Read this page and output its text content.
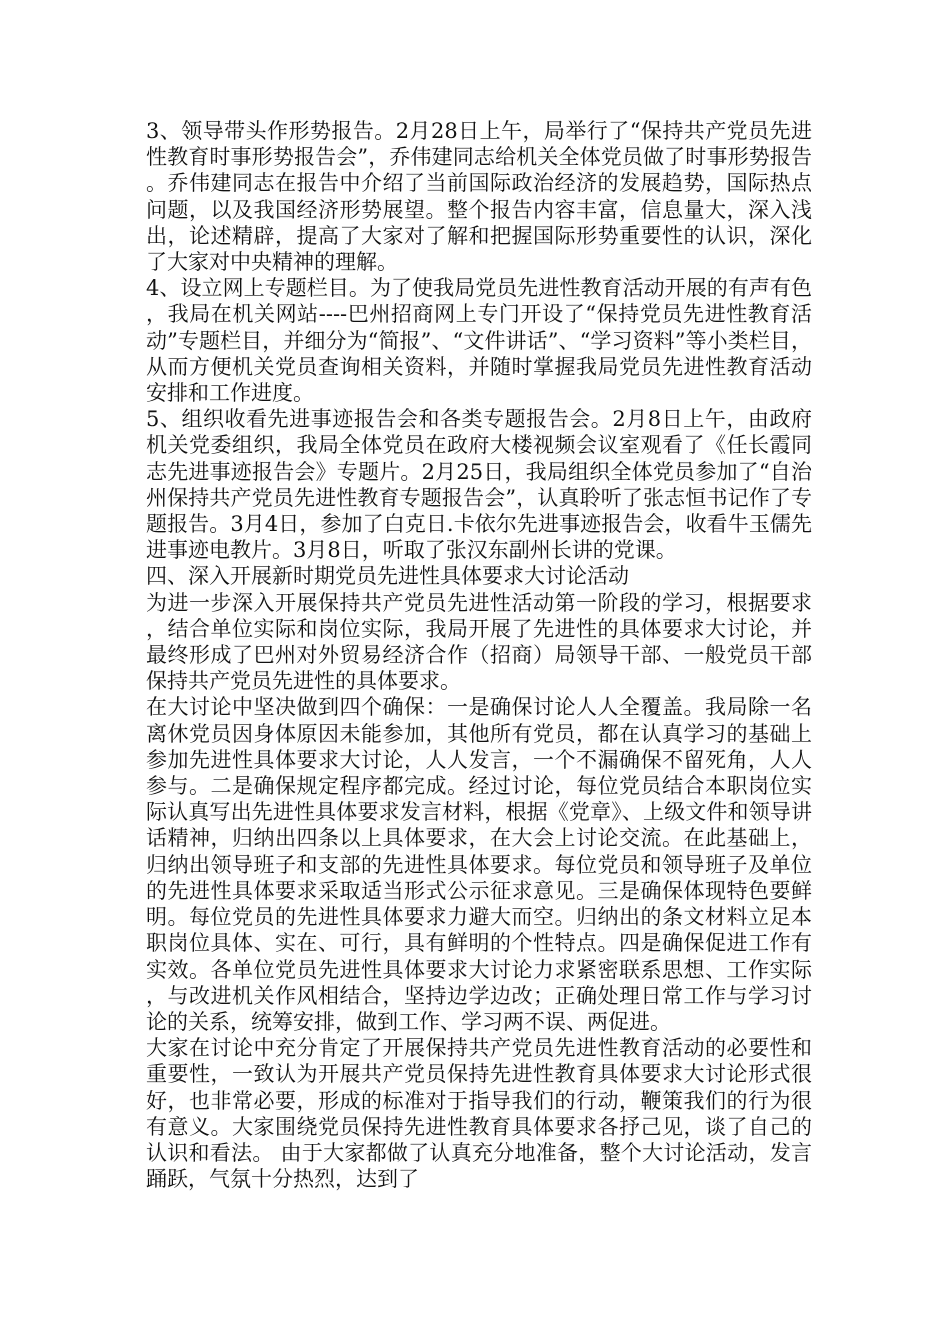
3、领导带头作形势报告。2月28日上午，局举行了“保持共产党员先进性教育时事形势报告会”，乔伟建同志给机关全体党员做了时事形势报告。乔伟建同志在报告中介绍了当前国际政治经济的发展趋势，国际热点问题，以及我国经济形势展望。整个报告内容丰富，信息量大，深入浅出，论述精辟，提高了大家对了解和把握国际形势重要性的认识，深化了大家对中央精神的理解。

4、设立网上专题栏目。为了使我局党员先进性教育活动开展的有声有色，我局在机关网站----巴州招商网上专门开设了“保持党员先进性教育活动”专题栏目，并细分为“简报”、“文件讲话”、“学习资料”等小类栏目，从而方便机关党员查询相关资料，并随时掌握我局党员先进性教育活动安排和工作进度。

5、组织收看先进事迹报告会和各类专题报告会。2月8日上午，由政府机关党委组织，我局全体党员在政府大楼视频会议室观看了《任长霞同志先进事迹报告会》专题片。2月25日，我局组织全体党员参加了“自治州保持共产党员先进性教育专题报告会”，认真聆听了张志恒书记作了专题报告。3月4日，参加了白克日.卡依尔先进事迹报告会，收看牛玉儒先进事迹电教片。3月8日，听取了张汉东副州长讲的党课。

四、深入开展新时期党员先进性具体要求大讨论活动

为进一步深入开展保持共产党员先进性活动第一阶段的学习，根据要求，结合单位实际和岗位实际，我局开展了先进性的具体要求大讨论，并最终形成了巴州对外贸易经济合作（招商）局领导干部、一般党员干部保持共产党员先进性的具体要求。

在大讨论中坚决做到四个确保：一是确保讨论人人全覆盖。我局除一名离休党员因身体原因未能参加，其他所有党员，都在认真学习的基础上参加先进性具体要求大讨论，人人发言，一个不漏确保不留死角，人人参与。二是确保规定程序都完成。经过讨论，每位党员结合本职岗位实际认真写出先进性具体要求发言材料，根据《党章》、上级文件和领导讲话精神，归纳出四条以上具体要求，在大会上讨论交流。在此基础上，归纳出领导班子和支部的先进性具体要求。每位党员和领导班子及单位的先进性具体要求采取适当形式公示征求意见。三是确保体现特色要鲜明。每位党员的先进性具体要求力避大而空。归纳出的条文材料立足本职岗位具体、实在、可行，具有鲜明的个性特点。四是确保促进工作有实效。各单位党员先进性具体要求大讨论力求紧密联系思想、工作实际，与改进机关作风相结合，坚持边学边改；正确处理日常工作与学习讨论的关系，统筹安排，做到工作、学习两不误、两促进。

大家在讨论中充分肯定了开展保持共产党员先进性教育活动的必要性和重要性，一致认为开展共产党员保持先进性教育具体要求大讨论形式很好，也非常必要，形成的标准对于指导我们的行动，鞭策我们的行为很有意义。大家围绕党员保持先进性教育具体要求各抒己见，谈了自己的认识和看法。 由于大家都做了认真充分地准备，整个大讨论活动，发言踊跃，气氛十分热烈，达到了
